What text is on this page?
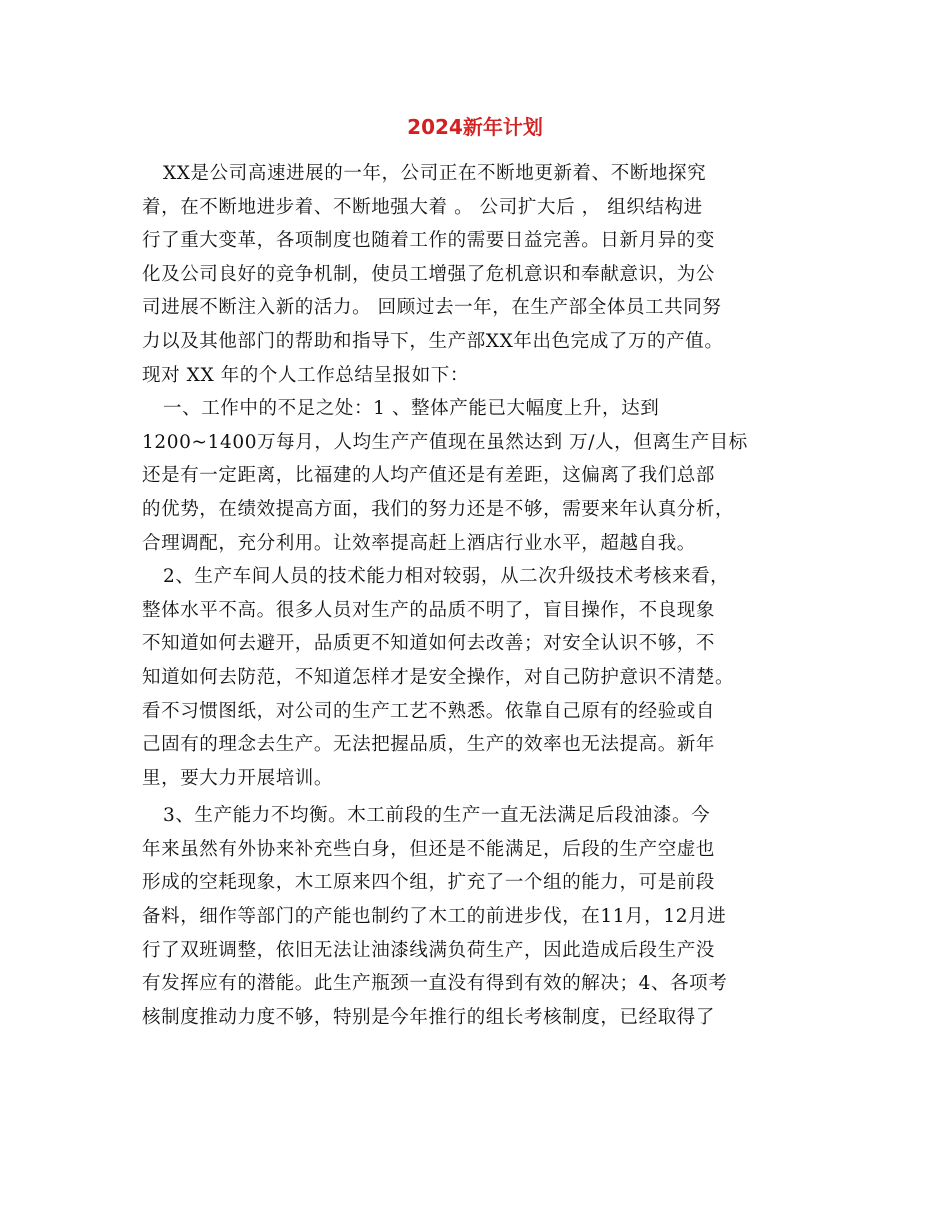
2024新年计划
XX是公司高速进展的一年，公司正在不断地更新着、不断地探究
着，在不断地进步着、不断地强大着 。 公司扩大后 ， 组织结构进
行了重大变革，各项制度也随着工作的需要日益完善。日新月异的变
化及公司良好的竞争机制，使员工增强了危机意识和奉献意识，为公
司进展不断注入新的活力。 回顾过去一年，在生产部全体员工共同努
力以及其他部门的帮助和指导下，生产部XX年出色完成了万的产值。
现对 XX 年的个人工作总结呈报如下：
一、工作中的不足之处：1 、整体产能已大幅度上升，达到
1200~1400万每月，人均生产产值现在虽然达到 万/人，但离生产目标
还是有一定距离，比福建的人均产值还是有差距，这偏离了我们总部
的优势，在绩效提高方面，我们的努力还是不够，需要来年认真分析，
合理调配，充分利用。让效率提高赶上酒店行业水平，超越自我。
2、生产车间人员的技术能力相对较弱，从二次升级技术考核来看，
整体水平不高。很多人员对生产的品质不明了，盲目操作，不良现象
不知道如何去避开，品质更不知道如何去改善；对安全认识不够，不
知道如何去防范，不知道怎样才是安全操作，对自己防护意识不清楚。
看不习惯图纸，对公司的生产工艺不熟悉。依靠自己原有的经验或自
己固有的理念去生产。无法把握品质，生产的效率也无法提高。新年
里，要大力开展培训。
3、生产能力不均衡。木工前段的生产一直无法满足后段油漆。今
年来虽然有外协来补充些白身，但还是不能满足，后段的生产空虚也
形成的空耗现象，木工原来四个组，扩充了一个组的能力，可是前段
备料，细作等部门的产能也制约了木工的前进步伐，在11月，12月进
行了双班调整，依旧无法让油漆线满负荷生产，因此造成后段生产没
有发挥应有的潜能。此生产瓶颈一直没有得到有效的解决；4、各项考
核制度推动力度不够，特别是今年推行的组长考核制度，已经取得了
